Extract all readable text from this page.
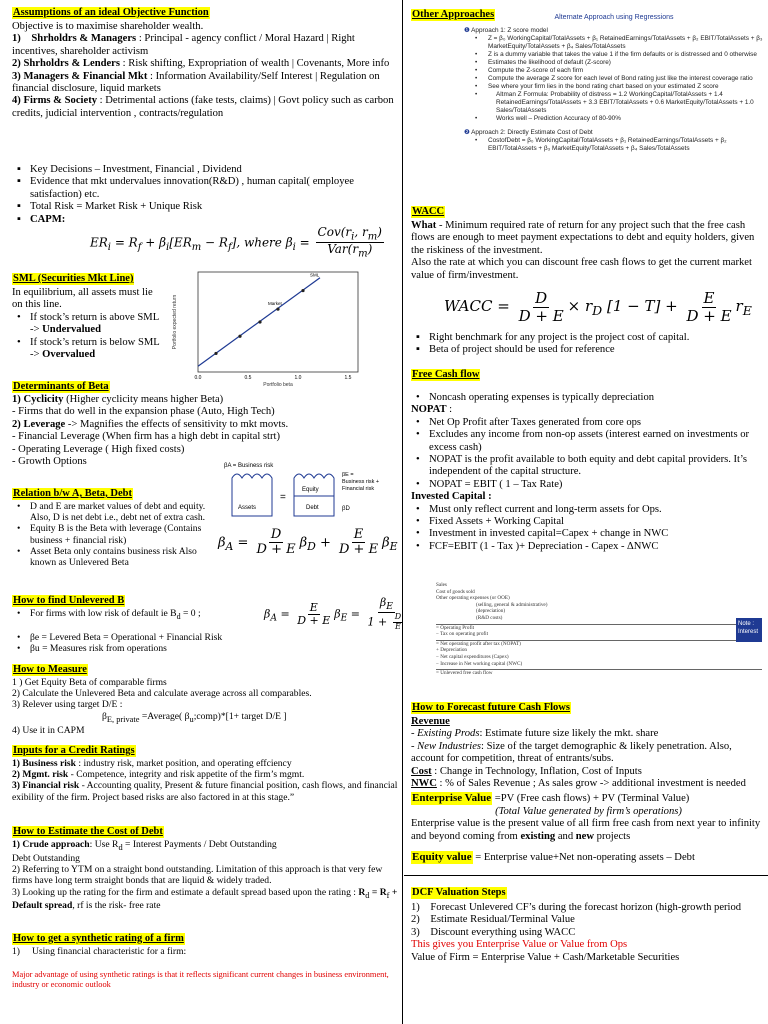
Assumptions of an ideal Objective Function

Objective is to maximise shareholder wealth.

1)    Shrholdrs & Managers : Principal - agency conflict / Moral Hazard | Right incentives, shareholder activism

2) Shrholdrs & Lenders : Risk shifting, Expropriation of wealth | Covenants, More info

3) Managers & Financial Mkt : Information Availability/Self Interest | Regulation on financial disclosure, liquid markets

4) Firms & Society : Detrimental actions (fake tests, claims) | Govt policy such as carbon credits, judicial intervention , contracts/regulation

▪ Key Decisions – Investment, Financial , Dividend
▪ Evidence that mkt undervalues innovation(R&D) , human capital( employee satisfaction) etc.
▪ Total Risk = Market Risk + Unique Risk
▪ CAPM:
$ER_i = R_f + \beta_i[ER_m - R_f]$, where $\beta_i = \frac{Cov(r_i, r_m)}{Var(r_m)}$
SML (Securities Mkt Line)

In equilibrium, all assets must lie on this line.

• If stock’s return is above SML -> Undervalued
• If stock’s return is below SML -> Overvalued
Portfolio expected return
Portfolio beta
0.0	0.5	1.0	1.5
SML
Market
Determinants of Beta

1) Cyclicity (Higher cyclicity means higher Beta)

- Firms that do well in the expansion phase (Auto, High Tech)

2) Leverage -> Magnifies the effects of sensitivity to mkt movts.

- Financial Leverage (When firm has a high debt in capital strt)

- Operating Leverage ( High fixed costs)

- Growth Options

Relation b/w A, Beta, Debt
• D and E are market values of debt and equity. Also, D is net debt i.e., debt net of extra cash.
• Equity B is the Beta with leverage (Contains business + financial risk)
• Asset Beta only contains business risk Also known as Unlevered Beta
βA = Business risk
Assets
=
Equity
Debt
βE = Business risk + Financial risk
βD
$\beta_A = \frac{D}{D + E} \beta_D + \frac{E}{D + E} \beta_E$
How to find Unlevered B
• For firms with low risk of default ie $B_d = 0$ ;	$\beta_A = \frac{E}{D + E} \beta_E = \frac{\beta_E}{1 + \frac{D}{E}}$
• βe = Levered Beta = Operational + Financial Risk
• βu = Measures risk from operations
How to Measure

1 ) Get Equity Beta of comparable firms

2) Calculate the Unlevered Beta and calculate average across all comparables.

3) Relever using target D/E :

$\beta_{E, private}$ =Average( $\beta_u;comp)*[1+$ target D/E ]

4) Use it in CAPM

Inputs for a Credit Ratings

1) Business risk : industry risk, market position, and operating effciency

2) Mgmt. risk - Competence, integrity and risk appetite of the firm’s mgmt.

3) Financial risk - Accounting quality, Present & future financial position, cash flows, and financial exibility of the firm. Project based risks are also factored in at this stage.”

How to Estimate the Cost of Debt

1) Crude approach: Use $R_d$ = Interest Payments / Debt Outstanding

Debt Outstanding

2) Referring to YTM on a straight bond outstanding. Limitation of this approach is that very few firms have long term straight bonds that are liquid & widely traded.

3) Looking up the rating for the firm and estimate a default spread based upon the rating : $R_d = R_f$ + Default spread, rf is the risk- free rate

How to get a synthetic rating of a firm

1)     Using financial characteristic for a firm:

Major advantage of using synthetic ratings is that it reflects significant current changes in business environment, industry or economic outlook

Other Approaches	Alternate Approach using Regressions

❶ Approach 1: Z score model

• Z = β₀ WorkingCapital/TotalAssets + β₁ RetainedEarnings/TotalAssets + β₂ EBIT/TotalAssets + β₃ MarketEquity/TotalAssets + β₄ Sales/TotalAssets
• Z is a dummy variable that takes the value 1 if the firm defaults or is distressed and 0 otherwise
• Estimates the likelihood of default (Z-score)
• Compute the Z-score of each firm
• Compute the average Z score for each level of Bond rating just like the interest coverage ratio
• See where your firm lies in the bond rating chart based on your estimated Z score
• Altman Z Formula: Probability of distress = 1.2 WorkingCapital/TotalAssets + 1.4 RetainedEarnings/TotalAssets + 3.3 EBIT/TotalAssets + 0.6 MarketEquity/TotalAssets + 1.0 Sales/TotalAssets
• Works well – Prediction Accuracy of 80-90%

❷ Approach 2: Directly Estimate Cost of Debt

• CostofDebt = β₀ WorkingCapital/TotalAssets + β₁ RetainedEarnings/TotalAssets + β₂ EBIT/TotalAssets + β₃ MarketEquity/TotalAssets + β₄ Sales/TotalAssets
WACC

What - Minimum required rate of return for any project such that the free cash flows are enough to meet payment expectations to debt and equity holders, given the riskiness of the investment.

Also the rate at which you can discount free cash flows to get the current market value of firm/investment.

WACC = $\frac{D}{D + E} \times r_D$ $[1 - T] + \frac{E}{D + E} r_E$
▪ Right benchmark for any project is the project cost of capital.
▪ Beta of project should be used for reference
Free Cash flow
• Noncash operating expenses is typically depreciation

NOPAT :

• Net Op Profit after Taxes generated from core ops
• Excludes any income from non-op assets (interest earned on investments or excess cash)
• NOPAT is the profit available to both equity and debt capital providers. It’s independent of the capital structure.
• NOPAT = EBIT ( 1 – Tax Rate)

Invested Capital :

• Must only reflect current and long-term assets for Ops.
• Fixed Assets + Working Capital
• Investment in invested capital=Capex + change in NWC
• FCF=EBIT (1 - Tax )+ Depreciation - Capex - ∆NWC
Sales
Cost of goods sold
Other operating expenses (or OOE)
(selling, general & administrative)
(depreciation)
(R&D costs)
= Operating Profit
− Tax on operating profit
= Net operating profit after tax (NOPAT)
+ Depreciation
− Net capital expenditures (Capex)
− Increase in Net working capital (NWC)
= Unlevered free cash flow
Note : Interest
How to Forecast future Cash Flows

Revenue

- Existing Prods: Estimate future size likely the mkt. share

- New Industries: Size of the target demographic & likely penetration. Also, account for competition, threat of entrants/subs.

Cost : Change in Technology, Inflation, Cost of Inputs

NWC : % of Sales Revenue ; As sales grow -> additional investment is needed

Enterprise Value =PV (Free cash flows) + PV (Terminal Value)

(Total Value generated by firm’s operations)

Enterprise value is the present value of all firm free cash from next year to infinity and beyond coming from existing and new projects

Equity value = Enterprise value+Net non-operating assets – Debt

DCF Valuation Steps

1)    Forecast Unlevered CF’s during the forecast horizon (high-growth period

2)    Estimate Residual/Terminal Value

3)    Discount everything using WACC

This gives you Enterprise Value or Value from Ops

Value of Firm = Enterprise Value + Cash/Marketable Securities
